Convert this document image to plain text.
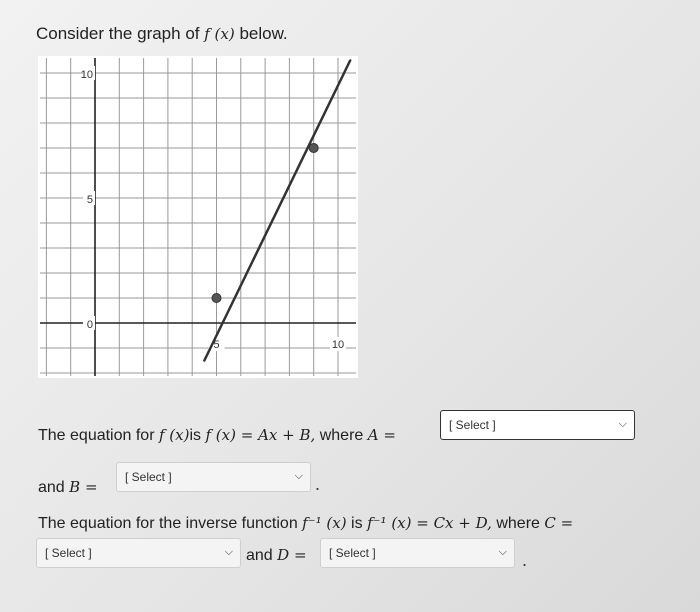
Consider the graph of f (x) below.
0
5
10
5	10
The equation for f (x)is f (x) = Ax + B, where A =
[ Select ]	⌵
and B =
[ Select ]	⌵ .
The equation for the inverse function f⁻¹ (x) is f⁻¹ (x) = Cx + D, where C =
[ Select ]	⌵ and D = [ Select ]	⌵ .
